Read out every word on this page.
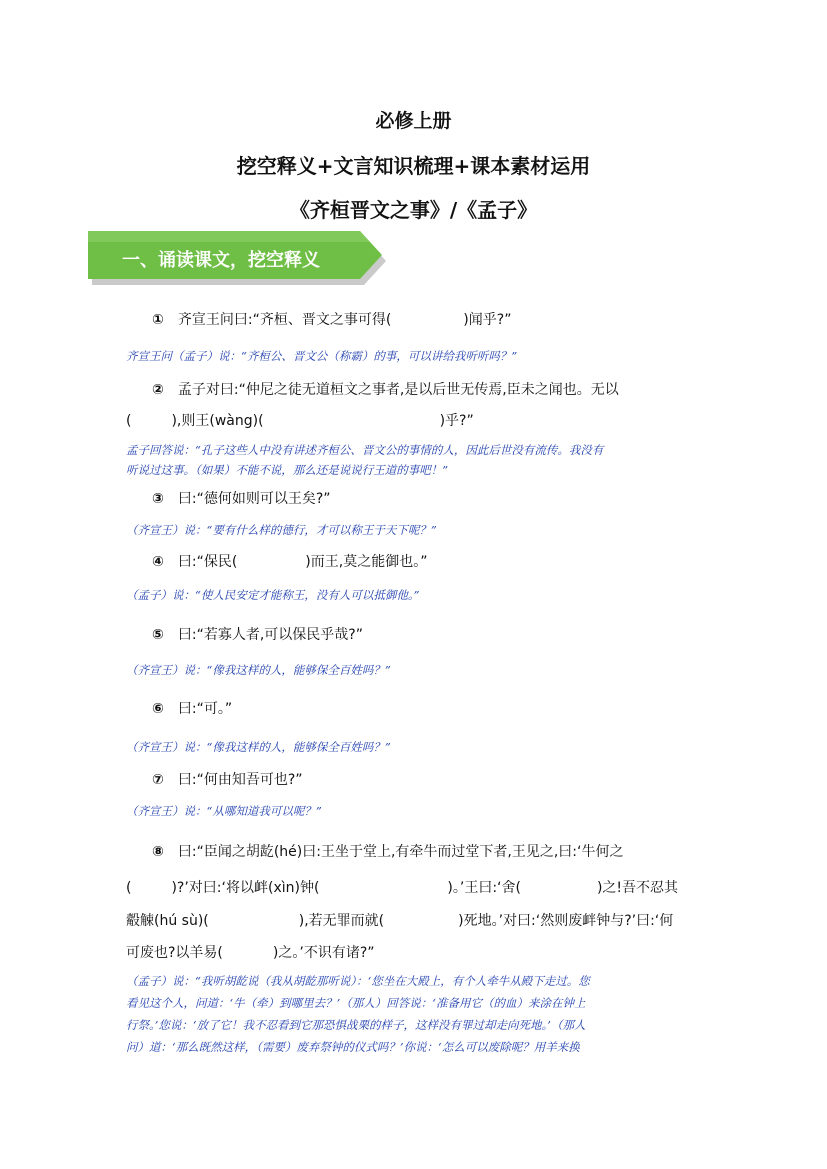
必修上册
挖空释义+文言知识梳理+课本素材运用
《齐桓晋文之事》/《孟子》
一、诵读课文，挖空释义
① 齐宣王问曰:“齐桓、晋文之事可得(	)闻乎?”
齐宣王问（孟子）说：“齐桓公、晋文公（称霸）的事，可以讲给我听听吗？”
② 孟子对曰:“仲尼之徒无道桓文之事者,是以后世无传焉,臣未之闻也。无以
(	),则王(wàng)(	)乎?”
孟子回答说：“孔子这些人中没有讲述齐桓公、晋文公的事情的人，因此后世没有流传。我没有
听说过这事。（如果）不能不说，那么还是说说行王道的事吧！”
③ 曰:“德何如则可以王矣?”
（齐宣王）说：“要有什么样的德行，才可以称王于天下呢？”
④ 曰:“保民(	)而王,莫之能御也。”
（孟子）说：“使人民安定才能称王，没有人可以抵御他。”
⑤ 曰:“若寡人者,可以保民乎哉?”
（齐宣王）说：“像我这样的人，能够保全百姓吗？”
⑥ 曰:“可。”
（齐宣王）说：“像我这样的人，能够保全百姓吗？”
⑦ 曰:“何由知吾可也?”
（齐宣王）说：“从哪知道我可以呢？”
⑧ 曰:“臣闻之胡龁(hé)曰:王坐于堂上,有牵牛而过堂下者,王见之,曰:‘牛何之
(	)?’对曰:‘将以衅(xìn)钟(	)。’王曰:‘舍(	)之!吾不忍其
觳觫(hú sù)(	),若无罪而就(	)死地。’对曰:‘然则废衅钟与?’曰:‘何
可废也?以羊易(	)之。’不识有诸?”
（孟子）说：“我听胡龁说（我从胡龁那听说）：‘您坐在大殿上，有个人牵牛从殿下走过。您
看见这个人，问道：‘牛（牵）到哪里去？’（那人）回答说：‘准备用它（的血）来涂在钟上
行祭。’您说：‘放了它！我不忍看到它那恐惧战栗的样子，这样没有罪过却走向死地。’（那人
问）道：‘那么既然这样，（需要）废弃祭钟的仪式吗？’你说：‘怎么可以废除呢？用羊来换
